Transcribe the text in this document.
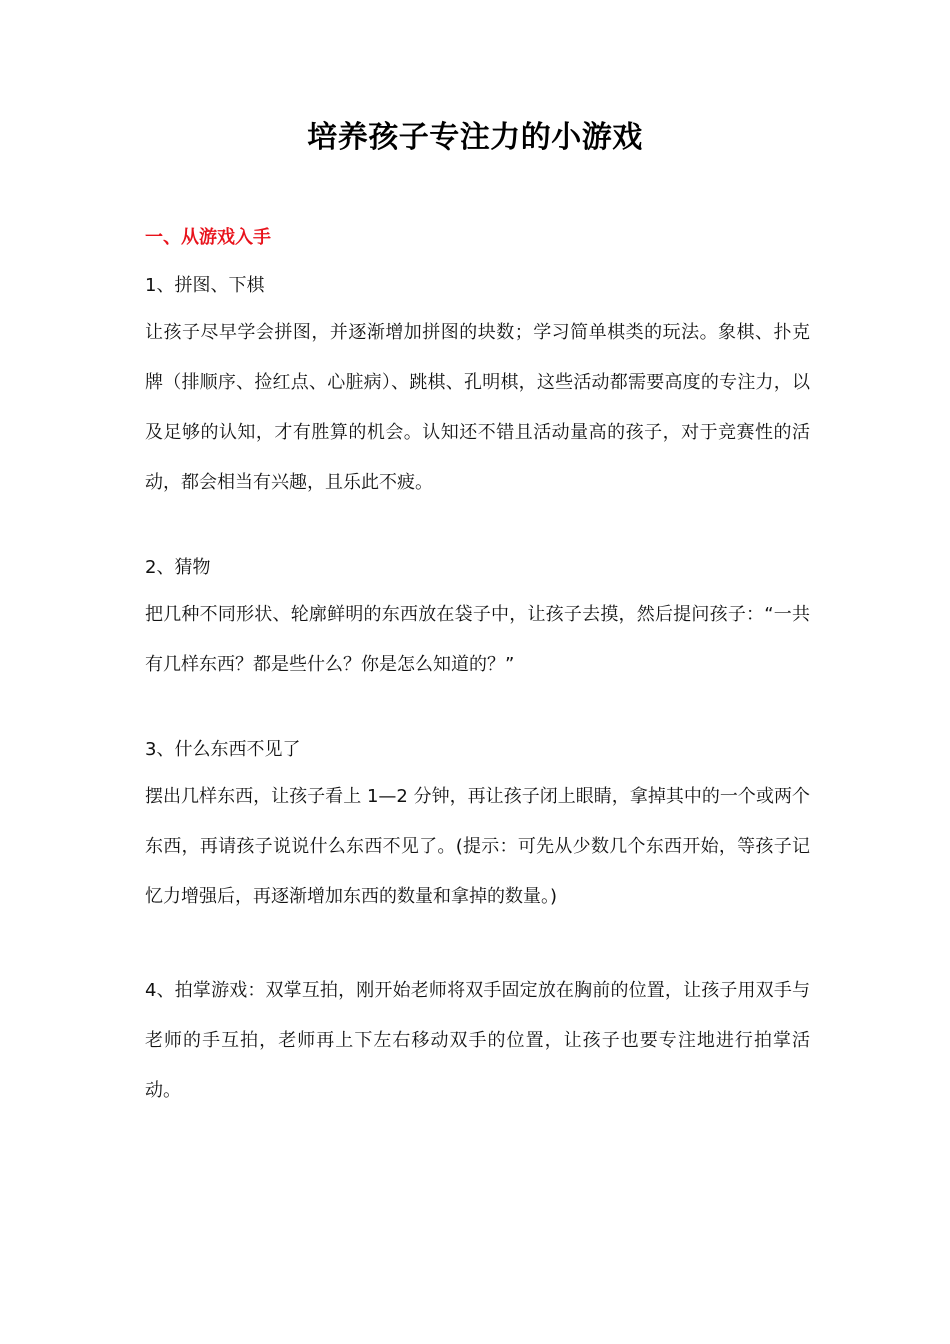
培养孩子专注力的小游戏

一、从游戏入手

1、拼图、下棋

让孩子尽早学会拼图，并逐渐增加拼图的块数；学习简单棋类的玩法。象棋、扑克牌（排顺序、捡红点、心脏病）、跳棋、孔明棋，这些活动都需要高度的专注力，以及足够的认知，才有胜算的机会。认知还不错且活动量高的孩子，对于竞赛性的活动，都会相当有兴趣，且乐此不疲。

2、猜物

把几种不同形状、轮廓鲜明的东西放在袋子中，让孩子去摸，然后提问孩子：“一共有几样东西？都是些什么？你是怎么知道的？”

3、什么东西不见了

摆出几样东西，让孩子看上 1—2 分钟，再让孩子闭上眼睛，拿掉其中的一个或两个东西，再请孩子说说什么东西不见了。(提示：可先从少数几个东西开始，等孩子记忆力增强后，再逐渐增加东西的数量和拿掉的数量。)

4、拍掌游戏：双掌互拍，刚开始老师将双手固定放在胸前的位置，让孩子用双手与老师的手互拍，老师再上下左右移动双手的位置，让孩子也要专注地进行拍掌活动。
